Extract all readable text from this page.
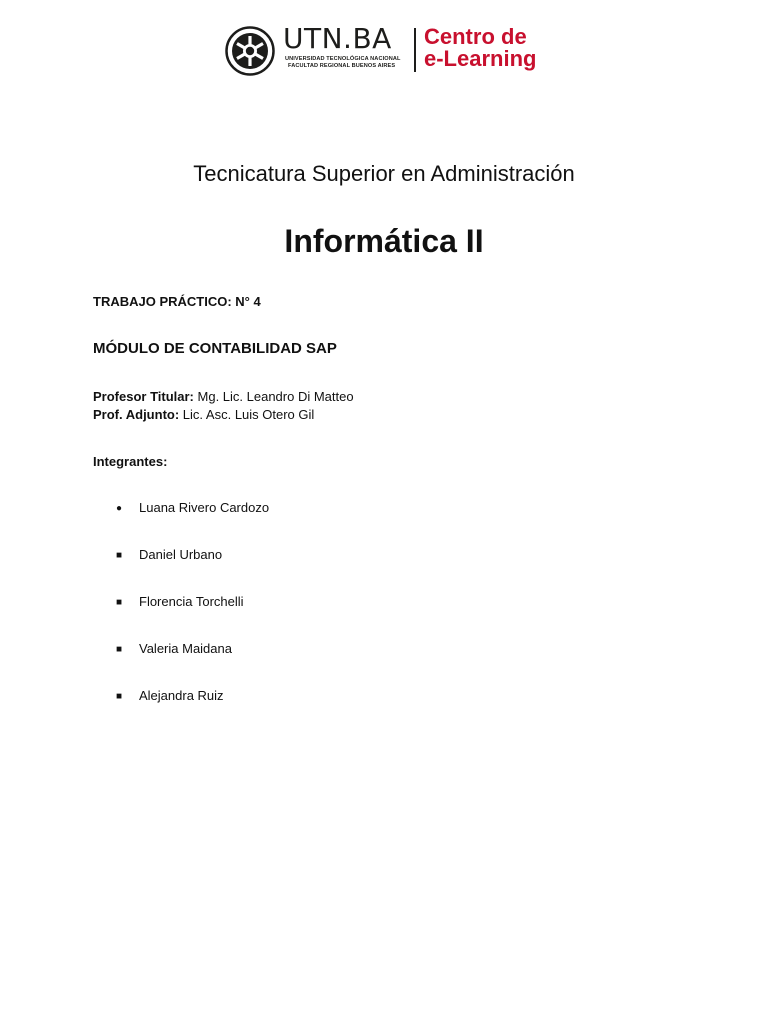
UTN.BA
UNIVERSIDAD TECNOLÓGICA NACIONAL
FACULTAD REGIONAL BUENOS AIRES
Centro de
e-Learning
Tecnicatura Superior en Administración
Informática II
TRABAJO PRÁCTICO: N° 4
MÓDULO DE CONTABILIDAD SAP
Profesor Titular: Mg. Lic. Leandro Di Matteo
Prof. Adjunto: Lic. Asc. Luis Otero Gil
Integrantes:
● Luana Rivero Cardozo
■ Daniel Urbano
■ Florencia Torchelli
■ Valeria Maidana
■ Alejandra Ruiz
